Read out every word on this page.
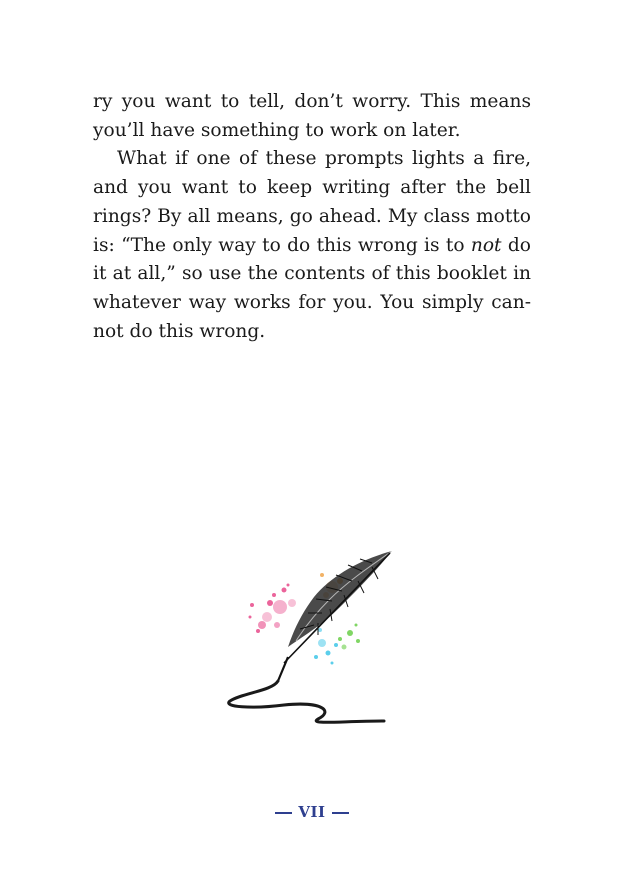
ry you want to tell, don’t worry. This means you’ll have something to work on later.

What if one of these prompts lights a fire, and you want to keep writing after the bell rings? By all means, go ahead. My class motto is: “The only way to do this wrong is to not do it at all,” so use the contents of this booklet in whatever way works for you. You simply cannot do this wrong.

VII
